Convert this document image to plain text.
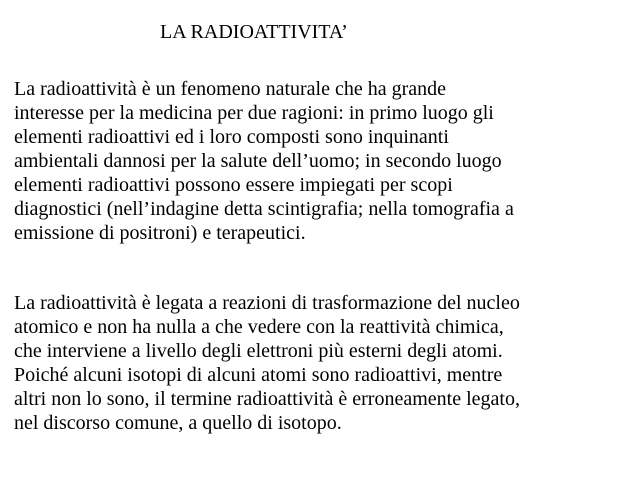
LA RADIOATTIVITA’
La radioattività è un fenomeno naturale che ha grande
interesse per la medicina per due ragioni: in primo luogo gli
elementi radioattivi ed i loro composti sono inquinanti
ambientali dannosi per la salute dell’uomo; in secondo luogo
elementi radioattivi possono essere impiegati per scopi
diagnostici (nell’indagine detta scintigrafia; nella tomografia a
emissione di positroni) e terapeutici.
La radioattività è legata a reazioni di trasformazione del nucleo
atomico e non ha nulla a che vedere con la reattività chimica,
che interviene a livello degli elettroni più esterni degli atomi.
Poiché alcuni isotopi di alcuni atomi sono radioattivi, mentre
altri non lo sono, il termine radioattività è erroneamente legato,
nel discorso comune, a quello di isotopo.
